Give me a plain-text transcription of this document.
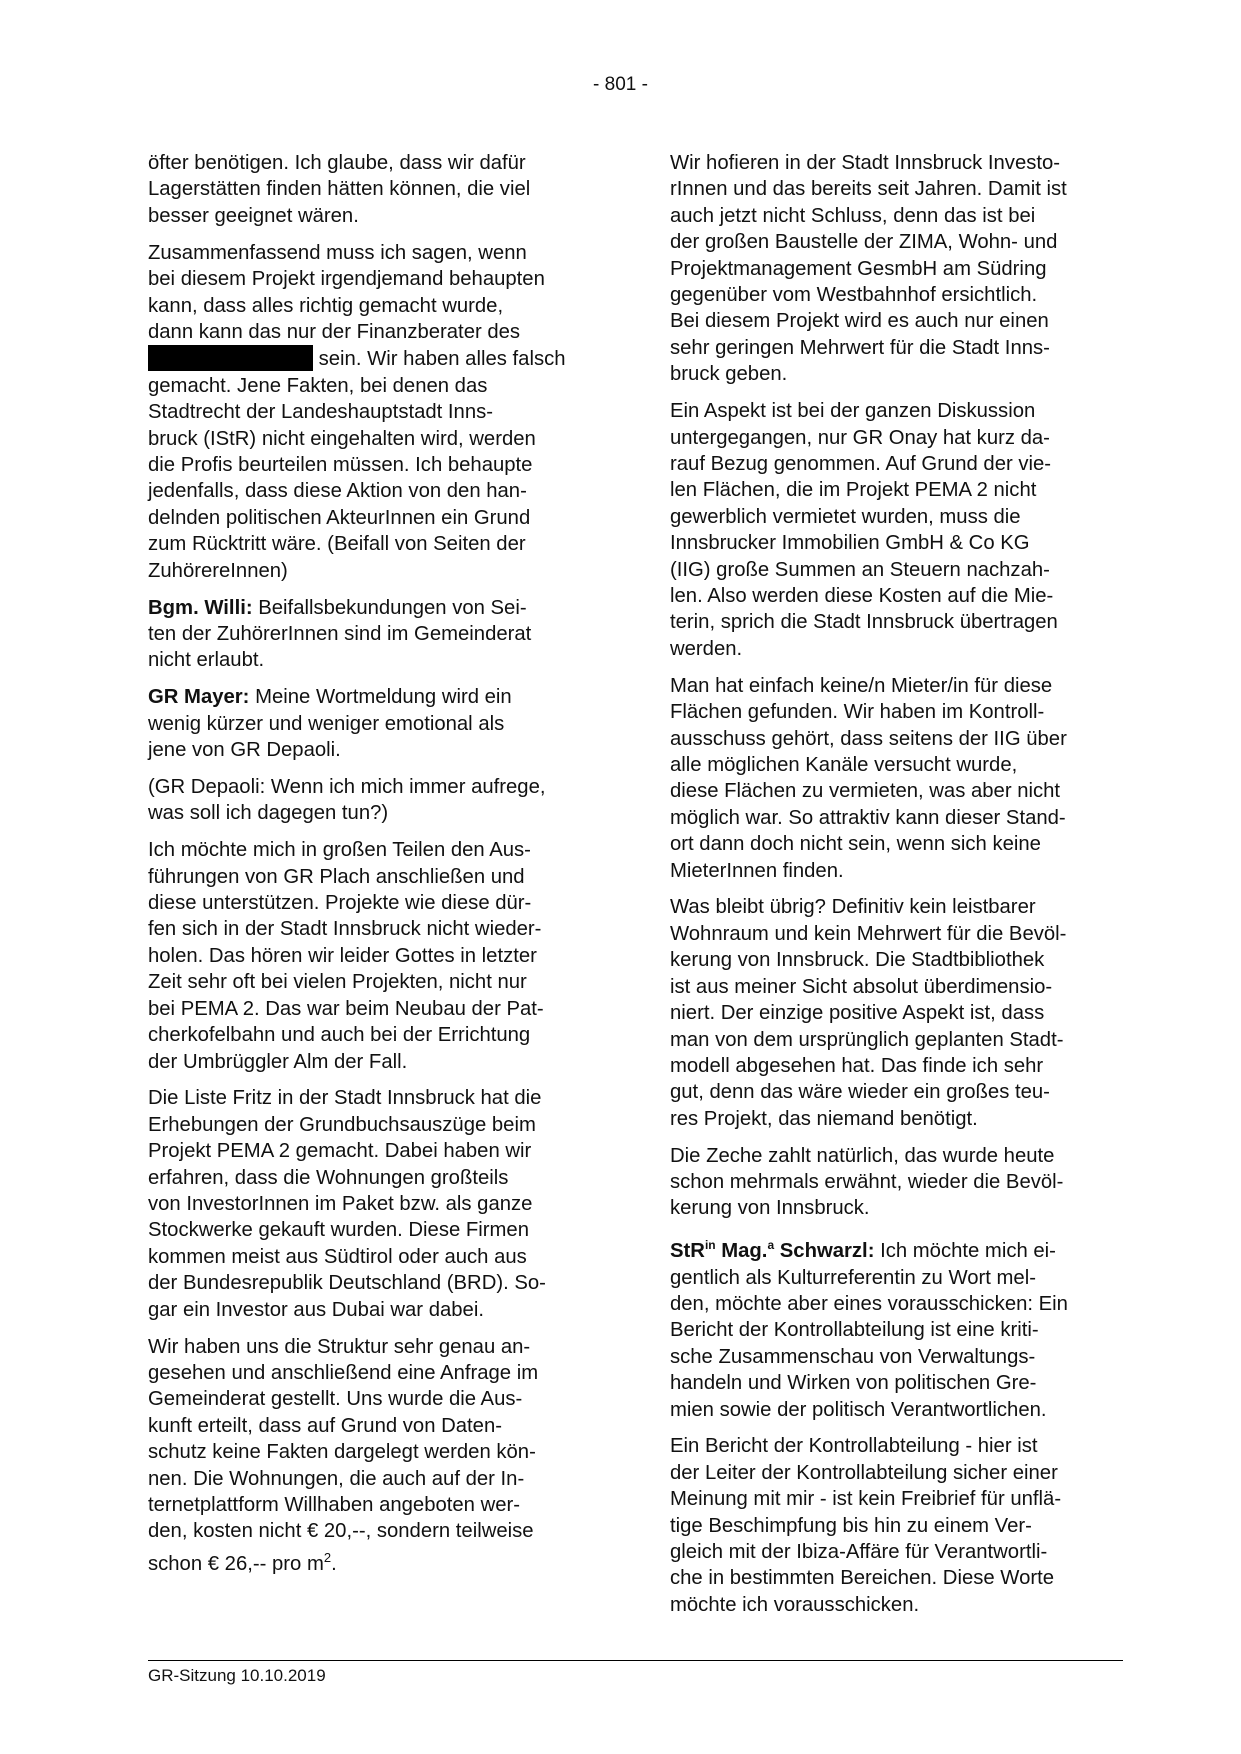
- 801 -

öfter benötigen. Ich glaube, dass wir dafür
Lagerstätten finden hätten können, die viel
besser geeignet wären.

Zusammenfassend muss ich sagen, wenn
bei diesem Projekt irgendjemand behaupten
kann, dass alles richtig gemacht wurde,
dann kann das nur der Finanzberater des
sein. Wir haben alles falsch
gemacht. Jene Fakten, bei denen das
Stadtrecht der Landeshauptstadt Inns-
bruck (IStR) nicht eingehalten wird, werden
die Profis beurteilen müssen. Ich behaupte
jedenfalls, dass diese Aktion von den han-
delnden politischen AkteurInnen ein Grund
zum Rücktritt wäre. (Beifall von Seiten der
ZuhörereInnen)

Bgm. Willi: Beifallsbekundungen von Sei-
ten der ZuhörerInnen sind im Gemeinderat
nicht erlaubt.

GR Mayer: Meine Wortmeldung wird ein
wenig kürzer und weniger emotional als
jene von GR Depaoli.

(GR Depaoli: Wenn ich mich immer aufrege,
was soll ich dagegen tun?)

Ich möchte mich in großen Teilen den Aus-
führungen von GR Plach anschließen und
diese unterstützen. Projekte wie diese dür-
fen sich in der Stadt Innsbruck nicht wieder-
holen. Das hören wir leider Gottes in letzter
Zeit sehr oft bei vielen Projekten, nicht nur
bei PEMA 2. Das war beim Neubau der Pat-
cherkofelbahn und auch bei der Errichtung
der Umbrüggler Alm der Fall.

Die Liste Fritz in der Stadt Innsbruck hat die
Erhebungen der Grundbuchsauszüge beim
Projekt PEMA 2 gemacht. Dabei haben wir
erfahren, dass die Wohnungen großteils
von InvestorInnen im Paket bzw. als ganze
Stockwerke gekauft wurden. Diese Firmen
kommen meist aus Südtirol oder auch aus
der Bundesrepublik Deutschland (BRD). So-
gar ein Investor aus Dubai war dabei.

Wir haben uns die Struktur sehr genau an-
gesehen und anschließend eine Anfrage im
Gemeinderat gestellt. Uns wurde die Aus-
kunft erteilt, dass auf Grund von Daten-
schutz keine Fakten dargelegt werden kön-
nen. Die Wohnungen, die auch auf der In-
ternetplattform Willhaben angeboten wer-
den, kosten nicht € 20,--, sondern teilweise
schon € 26,-- pro $m^2$.

Wir hofieren in der Stadt Innsbruck Investo-
rInnen und das bereits seit Jahren. Damit ist
auch jetzt nicht Schluss, denn das ist bei
der großen Baustelle der ZIMA, Wohn- und
Projektmanagement GesmbH am Südring
gegenüber vom Westbahnhof ersichtlich.
Bei diesem Projekt wird es auch nur einen
sehr geringen Mehrwert für die Stadt Inns-
bruck geben.

Ein Aspekt ist bei der ganzen Diskussion
untergegangen, nur GR Onay hat kurz da-
rauf Bezug genommen. Auf Grund der vie-
len Flächen, die im Projekt PEMA 2 nicht
gewerblich vermietet wurden, muss die
Innsbrucker Immobilien GmbH & Co KG
(IIG) große Summen an Steuern nachzah-
len. Also werden diese Kosten auf die Mie-
terin, sprich die Stadt Innsbruck übertragen
werden.

Man hat einfach keine/n Mieter/in für diese
Flächen gefunden. Wir haben im Kontroll-
ausschuss gehört, dass seitens der IIG über
alle möglichen Kanäle versucht wurde,
diese Flächen zu vermieten, was aber nicht
möglich war. So attraktiv kann dieser Stand-
ort dann doch nicht sein, wenn sich keine
MieterInnen finden.

Was bleibt übrig? Definitiv kein leistbarer
Wohnraum und kein Mehrwert für die Bevöl-
kerung von Innsbruck. Die Stadtbibliothek
ist aus meiner Sicht absolut überdimensio-
niert. Der einzige positive Aspekt ist, dass
man von dem ursprünglich geplanten Stadt-
modell abgesehen hat. Das finde ich sehr
gut, denn das wäre wieder ein großes teu-
res Projekt, das niemand benötigt.

Die Zeche zahlt natürlich, das wurde heute
schon mehrmals erwähnt, wieder die Bevöl-
kerung von Innsbruck.

StR$^{in}$ Mag.$^a$ Schwarzl: Ich möchte mich ei-
gentlich als Kulturreferentin zu Wort mel-
den, möchte aber eines vorausschicken: Ein
Bericht der Kontrollabteilung ist eine kriti-
sche Zusammenschau von Verwaltungs-
handeln und Wirken von politischen Gre-
mien sowie der politisch Verantwortlichen.

Ein Bericht der Kontrollabteilung - hier ist
der Leiter der Kontrollabteilung sicher einer
Meinung mit mir - ist kein Freibrief für unflä-
tige Beschimpfung bis hin zu einem Ver-
gleich mit der Ibiza-Affäre für Verantwortli-
che in bestimmten Bereichen. Diese Worte
möchte ich vorausschicken.

GR-Sitzung 10.10.2019
